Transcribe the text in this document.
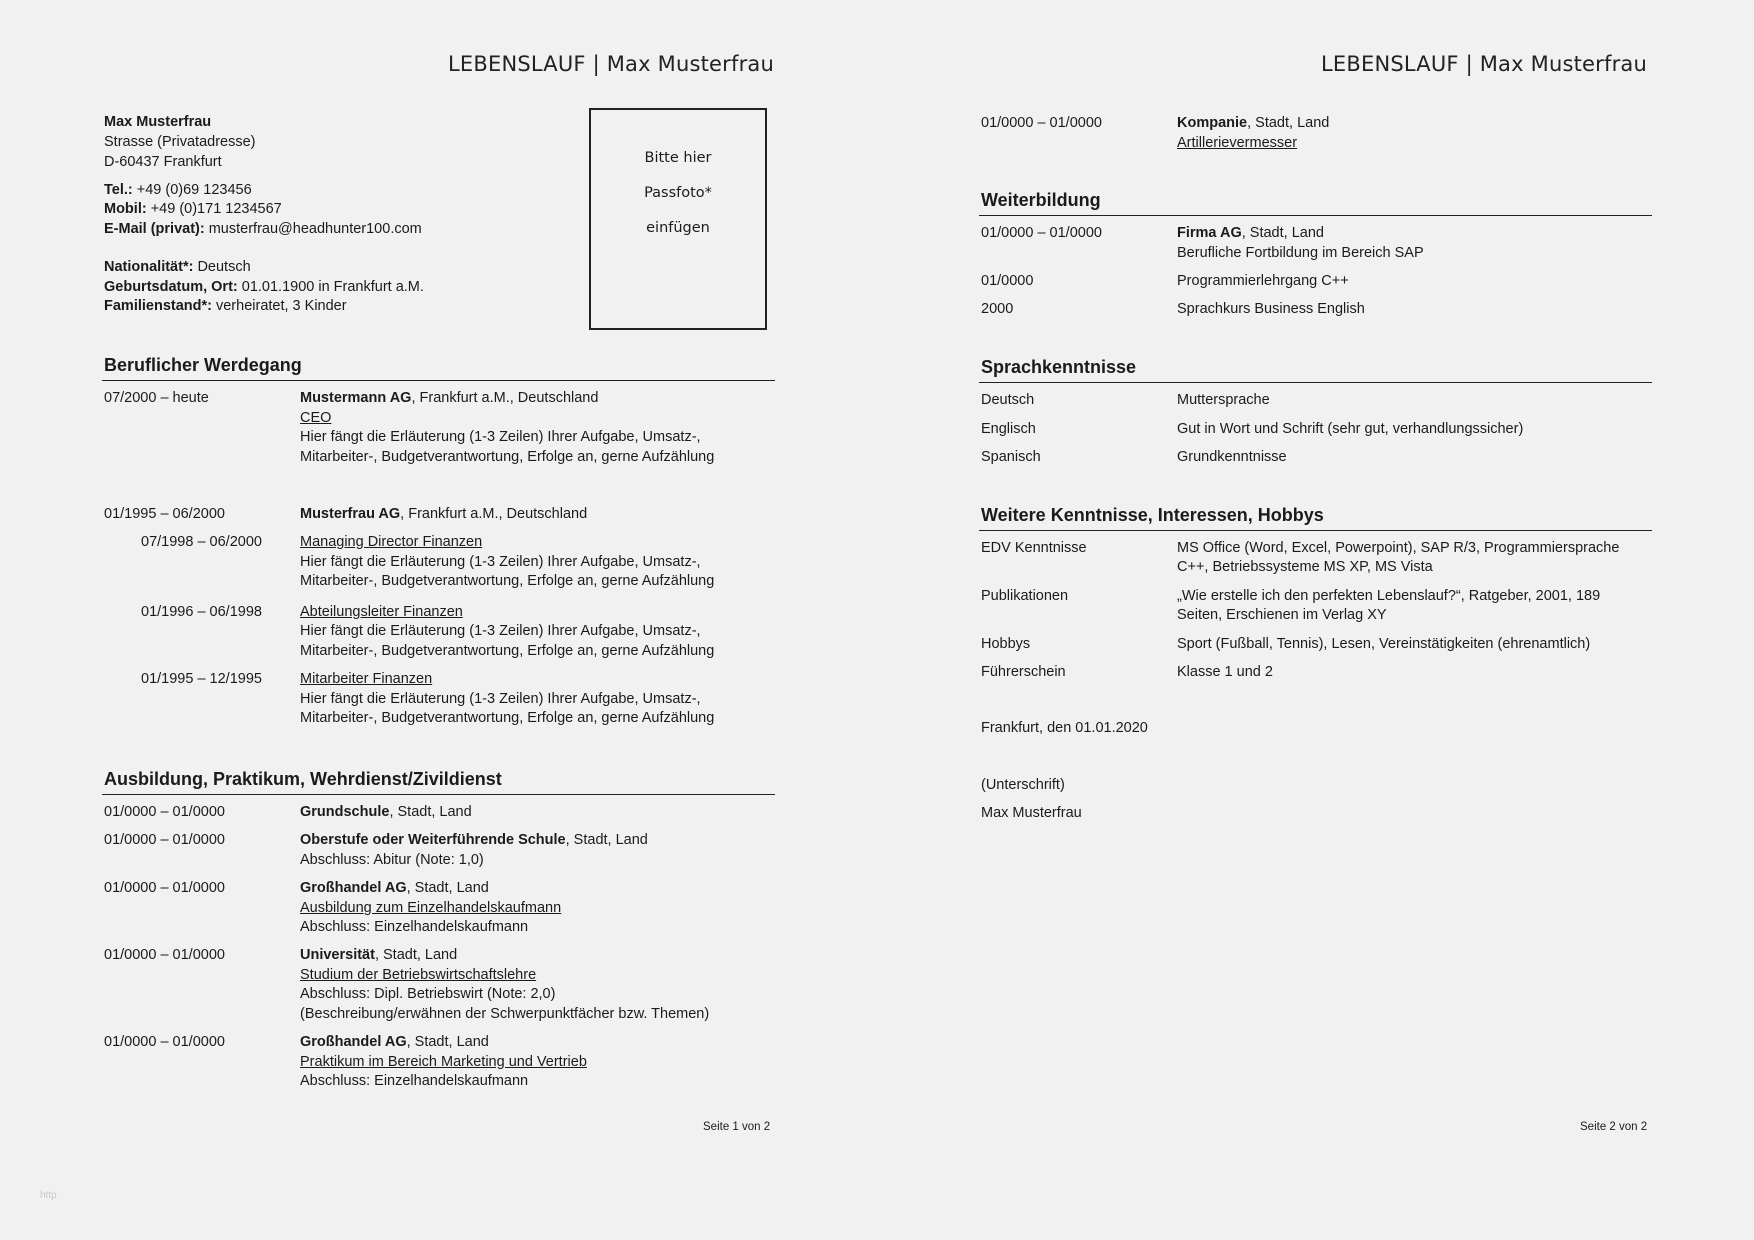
LEBENSLAUF | Max Musterfrau
Max Musterfrau
Strasse (Privatadresse)
D-60437 Frankfurt
Tel.: +49 (0)69 123456
Mobil: +49 (0)171 1234567
E-Mail (privat): musterfrau@headhunter100.com
Nationalität*: Deutsch
Geburtsdatum, Ort: 01.01.1900 in Frankfurt a.M.
Familienstand*: verheiratet, 3 Kinder
Bitte hier
Passfoto*
einfügen
Beruflicher Werdegang
07/2000 – heute	Mustermann AG, Frankfurt a.M., Deutschland
CEO
Hier fängt die Erläuterung (1-3 Zeilen) Ihrer Aufgabe, Umsatz-,
Mitarbeiter-, Budgetverantwortung, Erfolge an, gerne Aufzählung
01/1995 – 06/2000	Musterfrau AG, Frankfurt a.M., Deutschland
07/1998 – 06/2000	Managing Director Finanzen
Hier fängt die Erläuterung (1-3 Zeilen) Ihrer Aufgabe, Umsatz-,
Mitarbeiter-, Budgetverantwortung, Erfolge an, gerne Aufzählung
01/1996 – 06/1998	Abteilungsleiter Finanzen
Hier fängt die Erläuterung (1-3 Zeilen) Ihrer Aufgabe, Umsatz-,
Mitarbeiter-, Budgetverantwortung, Erfolge an, gerne Aufzählung
01/1995 – 12/1995	Mitarbeiter Finanzen
Hier fängt die Erläuterung (1-3 Zeilen) Ihrer Aufgabe, Umsatz-,
Mitarbeiter-, Budgetverantwortung, Erfolge an, gerne Aufzählung
Ausbildung, Praktikum, Wehrdienst/Zivildienst
01/0000 – 01/0000	Grundschule, Stadt, Land
01/0000 – 01/0000	Oberstufe oder Weiterführende Schule, Stadt, Land
Abschluss: Abitur (Note: 1,0)
01/0000 – 01/0000	Großhandel AG, Stadt, Land
Ausbildung zum Einzelhandelskaufmann
Abschluss: Einzelhandelskaufmann
01/0000 – 01/0000	Universität, Stadt, Land
Studium der Betriebswirtschaftslehre
Abschluss: Dipl. Betriebswirt (Note: 2,0)
(Beschreibung/erwähnen der Schwerpunktfächer bzw. Themen)
01/0000 – 01/0000	Großhandel AG, Stadt, Land
Praktikum im Bereich Marketing und Vertrieb
Abschluss: Einzelhandelskaufmann
Seite 1 von 2
http
LEBENSLAUF | Max Musterfrau
01/0000 – 01/0000	Kompanie, Stadt, Land
Artillerievermesser
Weiterbildung
01/0000 – 01/0000	Firma AG, Stadt, Land
Berufliche Fortbildung im Bereich SAP
01/0000	Programmierlehrgang C++
2000	Sprachkurs Business English
Sprachkenntnisse
Deutsch	Muttersprache
Englisch	Gut in Wort und Schrift (sehr gut, verhandlungssicher)
Spanisch	Grundkenntnisse
Weitere Kenntnisse, Interessen, Hobbys
EDV Kenntnisse	MS Office (Word, Excel, Powerpoint), SAP R/3, Programmiersprache
C++, Betriebssysteme MS XP, MS Vista
Publikationen	„Wie erstelle ich den perfekten Lebenslauf?“, Ratgeber, 2001, 189
Seiten, Erschienen im Verlag XY
Hobbys	Sport (Fußball, Tennis), Lesen, Vereinstätigkeiten (ehrenamtlich)
Führerschein	Klasse 1 und 2
Frankfurt, den 01.01.2020
(Unterschrift)
Max Musterfrau
Seite 2 von 2
